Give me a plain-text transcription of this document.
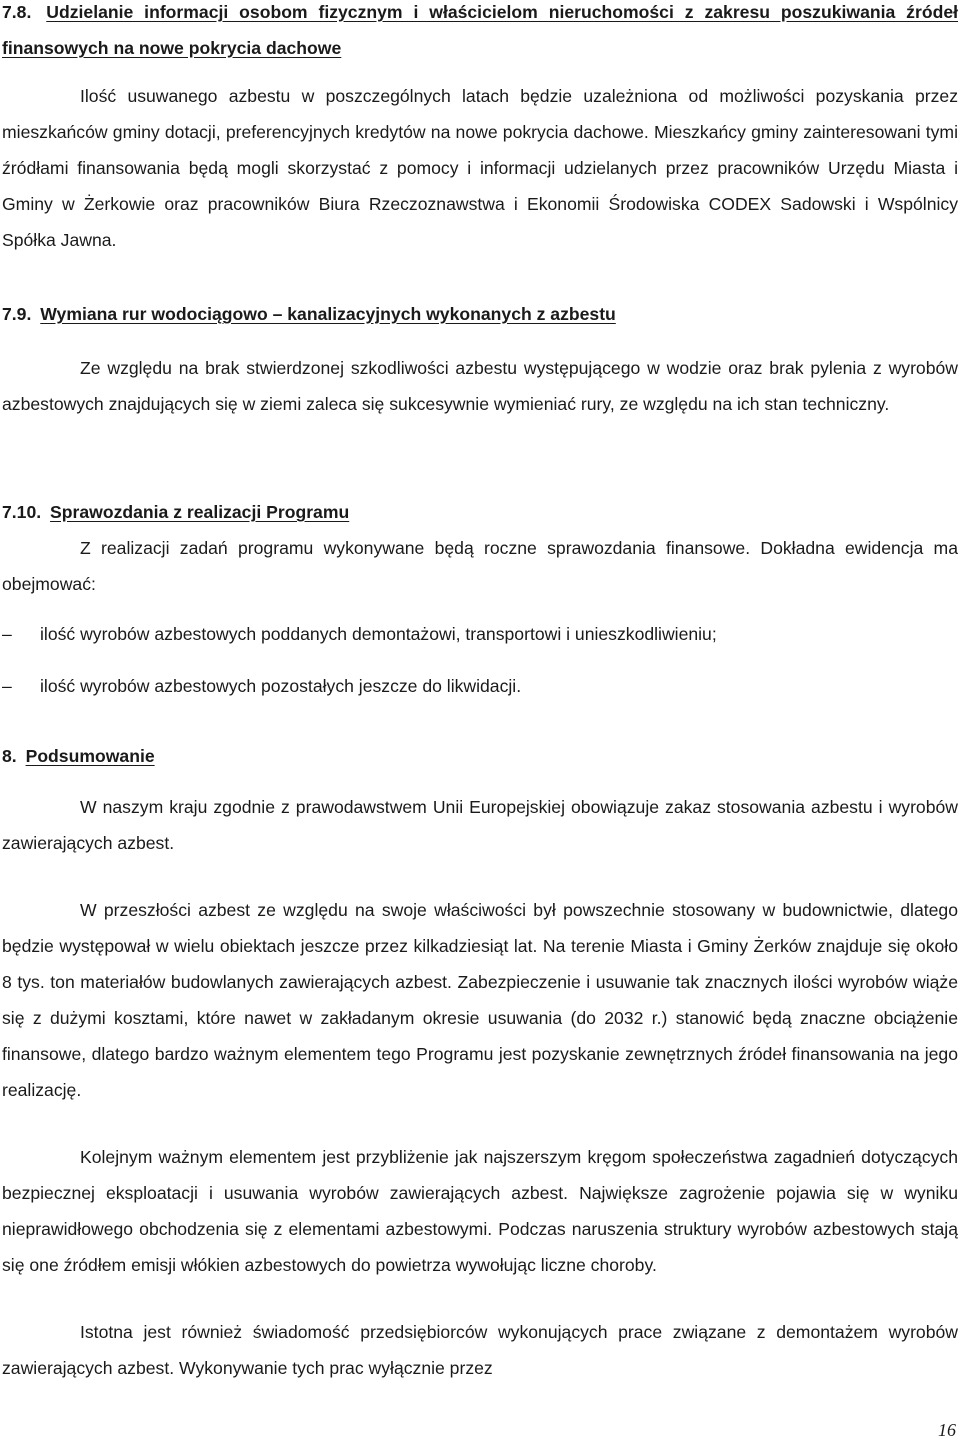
7.8. Udzielanie informacji osobom fizycznym i właścicielom nieruchomości z zakresu poszukiwania źródeł finansowych na nowe pokrycia dachowe

Ilość usuwanego azbestu w poszczególnych latach będzie uzależniona od możliwości pozyskania przez mieszkańców gminy dotacji, preferencyjnych kredytów na nowe pokrycia dachowe. Mieszkańcy gminy zainteresowani tymi źródłami finansowania będą mogli skorzystać z pomocy i informacji udzielanych przez pracowników Urzędu Miasta i Gminy w Żerkowie oraz pracowników Biura Rzeczoznawstwa i Ekonomii Środowiska CODEX Sadowski i Wspólnicy Spółka Jawna.

7.9. Wymiana rur wodociągowo – kanalizacyjnych wykonanych z azbestu

Ze względu na brak stwierdzonej szkodliwości azbestu występującego w wodzie oraz brak pylenia z wyrobów azbestowych znajdujących się w ziemi zaleca się sukcesywnie wymieniać rury, ze względu na ich stan techniczny.

7.10. Sprawozdania z realizacji Programu

Z realizacji zadań programu wykonywane będą roczne sprawozdania finansowe. Dokładna ewidencja ma obejmować:

– ilość wyrobów azbestowych poddanych demontażowi, transportowi i unieszkodliwieniu;
– ilość wyrobów azbestowych pozostałych jeszcze do likwidacji.

8. Podsumowanie

W naszym kraju zgodnie z prawodawstwem Unii Europejskiej obowiązuje zakaz stosowania azbestu i wyrobów zawierających azbest.

W przeszłości azbest ze względu na swoje właściwości był powszechnie stosowany w budownictwie, dlatego będzie występował w wielu obiektach jeszcze przez kilkadziesiąt lat. Na terenie Miasta i Gminy Żerków znajduje się około 8 tys. ton materiałów budowlanych zawierających azbest. Zabezpieczenie i usuwanie tak znacznych ilości wyrobów wiąże się z dużymi kosztami, które nawet w zakładanym okresie usuwania (do 2032 r.) stanowić będą znaczne obciążenie finansowe, dlatego bardzo ważnym elementem tego Programu jest pozyskanie zewnętrznych źródeł finansowania na jego realizację.

Kolejnym ważnym elementem jest przybliżenie jak najszerszym kręgom społeczeństwa zagadnień dotyczących bezpiecznej eksploatacji i usuwania wyrobów zawierających azbest. Największe zagrożenie pojawia się w wyniku nieprawidłowego obchodzenia się z elementami azbestowymi. Podczas naruszenia struktury wyrobów azbestowych stają się one źródłem emisji włókien azbestowych do powietrza wywołując liczne choroby.

Istotna jest również świadomość przedsiębiorców wykonujących prace związane z demontażem wyrobów zawierających azbest. Wykonywanie tych prac wyłącznie przez

16
